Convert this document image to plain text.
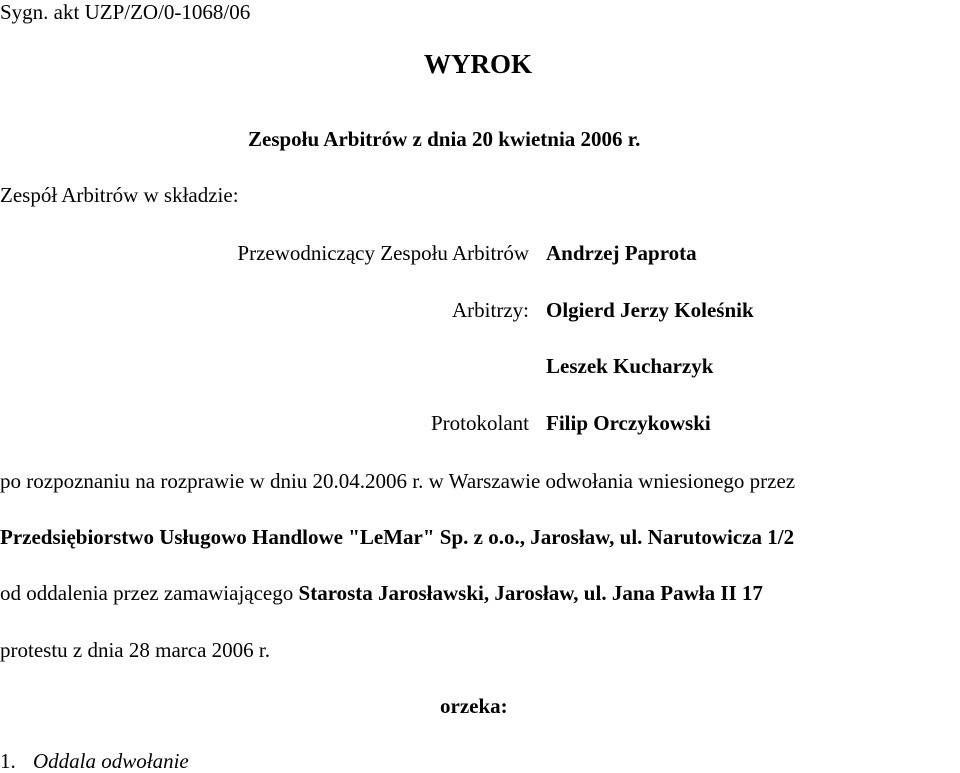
Sygn. akt UZP/ZO/0-1068/06
WYROK
Zespołu Arbitrów z dnia 20 kwietnia 2006 r.
Zespół Arbitrów w składzie:
Przewodniczący Zespołu Arbitrów Andrzej Paprota
Arbitrzy: Olgierd Jerzy Koleśnik
Leszek Kucharzyk
Protokolant Filip Orczykowski
po rozpoznaniu na rozprawie w dniu 20.04.2006 r. w Warszawie odwołania wniesionego przez
Przedsiębiorstwo Usługowo Handlowe "LeMar" Sp. z o.o., Jarosław, ul. Narutowicza 1/2
od oddalenia przez zamawiającego Starosta Jarosławski, Jarosław, ul. Jana Pawła II 17
protestu z dnia 28 marca 2006 r.
orzeka:
1. Oddala odwołanie
